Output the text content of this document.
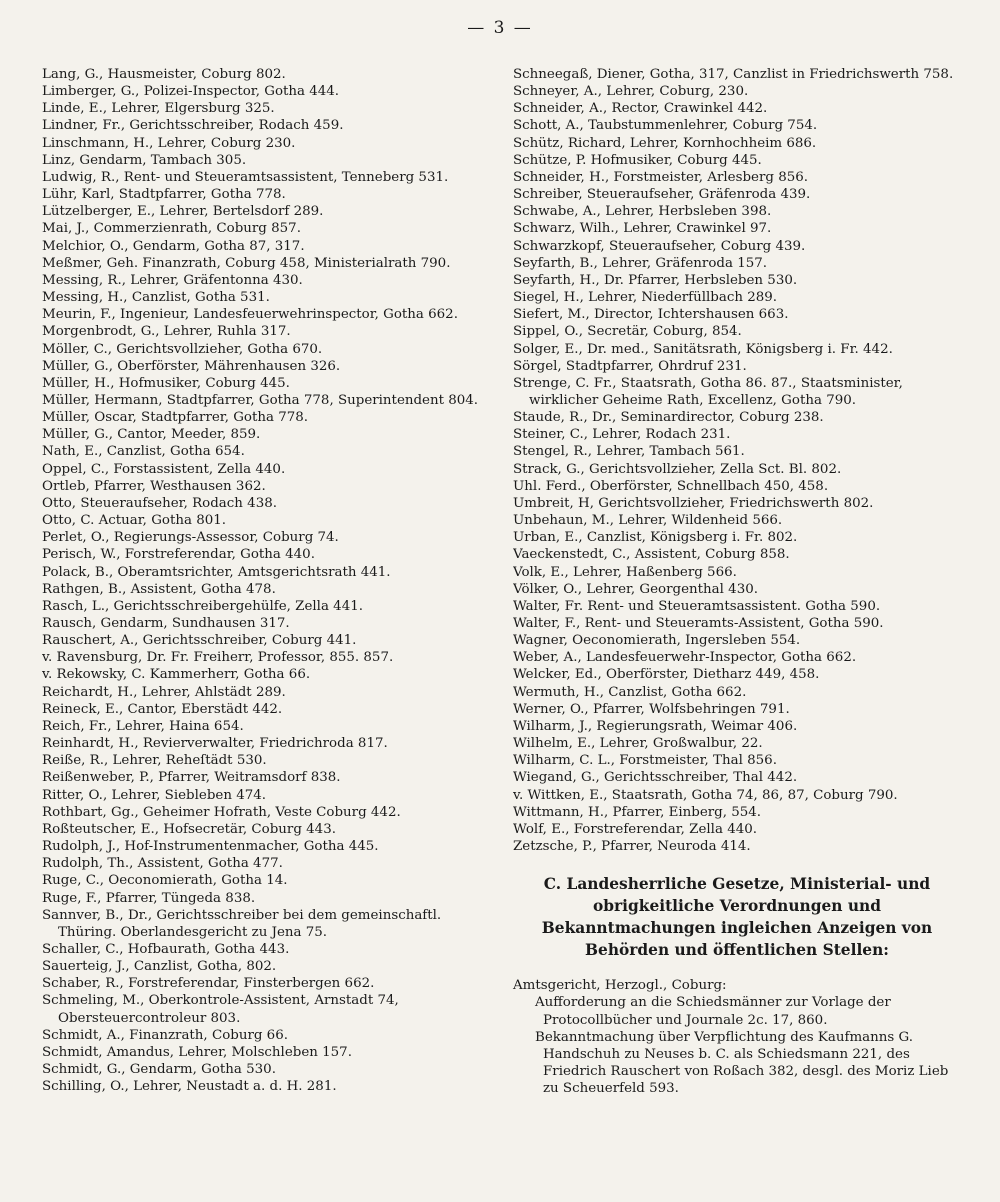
— 3 —
Lang, G., Hausmeister, Coburg 802.
Limberger, G., Polizei-Inspector, Gotha 444.
Linde, E., Lehrer, Elgersburg 325.
Lindner, Fr., Gerichtsschreiber, Rodach 459.
Linschmann, H., Lehrer, Coburg 230.
Linz, Gendarm, Tambach 305.
Ludwig, R., Rent- und Steueramtsassistent, Tenneberg 531.
Lühr, Karl, Stadtpfarrer, Gotha 778.
Lützelberger, E., Lehrer, Bertelsdorf 289.
Mai, J., Commerzienrath, Coburg 857.
Melchior, O., Gendarm, Gotha 87, 317.
Meßmer, Geh. Finanzrath, Coburg 458, Ministerialrath 790.
Messing, R., Lehrer, Gräfentonna 430.
Messing, H., Canzlist, Gotha 531.
Meurin, F., Ingenieur, Landesfeuerwehrinspector, Gotha 662.
Morgenbrodt, G., Lehrer, Ruhla 317.
Möller, C., Gerichtsvollzieher, Gotha 670.
Müller, G., Oberförster, Mährenhausen 326.
Müller, H., Hofmusiker, Coburg 445.
Müller, Hermann, Stadtpfarrer, Gotha 778, Superintendent 804.
Müller, Oscar, Stadtpfarrer, Gotha 778.
Müller, G., Cantor, Meeder, 859.
Nath, E., Canzlist, Gotha 654.
Oppel, C., Forstassistent, Zella 440.
Ortleb, Pfarrer, Westhausen 362.
Otto, Steueraufseher, Rodach 438.
Otto, C. Actuar, Gotha 801.
Perlet, O., Regierungs-Assessor, Coburg 74.
Perisch, W., Forstreferendar, Gotha 440.
Polack, B., Oberamtsrichter, Amtsgerichtsrath 441.
Rathgen, B., Assistent, Gotha 478.
Rasch, L., Gerichtsschreibergehülfe, Zella 441.
Rausch, Gendarm, Sundhausen 317.
Rauschert, A., Gerichtsschreiber, Coburg 441.
v. Ravensburg, Dr. Fr. Freiherr, Professor, 855. 857.
v. Rekowsky, C. Kammerherr, Gotha 66.
Reichardt, H., Lehrer, Ahlstädt 289.
Reineck, E., Cantor, Eberstädt 442.
Reich, Fr., Lehrer, Haina 654.
Reinhardt, H., Revierverwalter, Friedrichroda 817.
Reiße, R., Lehrer, Reheſtädt 530.
Reißenweber, P., Pfarrer, Weitramsdorf 838.
Ritter, O., Lehrer, Siebleben 474.
Rothbart, Gg., Geheimer Hofrath, Veste Coburg 442.
Roßteutscher, E., Hofsecretär, Coburg 443.
Rudolph, J., Hof-Instrumentenmacher, Gotha 445.
Rudolph, Th., Assistent, Gotha 477.
Ruge, C., Oeconomierath, Gotha 14.
Ruge, F., Pfarrer, Tüngeda 838.
Sannver, B., Dr., Gerichtsschreiber bei dem gemeinschaftl. Thüring. Oberlandesgericht zu Jena 75.
Schaller, C., Hofbaurath, Gotha 443.
Sauerteig, J., Canzlist, Gotha, 802.
Schaber, R., Forstreferendar, Finsterbergen 662.
Schmeling, M., Oberkontrole-Assistent, Arnstadt 74, Obersteuercontroleur 803.
Schmidt, A., Finanzrath, Coburg 66.
Schmidt, Amandus, Lehrer, Molschleben 157.
Schmidt, G., Gendarm, Gotha 530.
Schilling, O., Lehrer, Neustadt a. d. H. 281.
Schneegaß, Diener, Gotha, 317, Canzlist in Friedrichswerth 758.
Schneyer, A., Lehrer, Coburg, 230.
Schneider, A., Rector, Crawinkel 442.
Schott, A., Taubstummenlehrer, Coburg 754.
Schütz, Richard, Lehrer, Kornhochheim 686.
Schütze, P. Hofmusiker, Coburg 445.
Schneider, H., Forstmeister, Arlesberg 856.
Schreiber, Steueraufseher, Gräfenroda 439.
Schwabe, A., Lehrer, Herbsleben 398.
Schwarz, Wilh., Lehrer, Crawinkel 97.
Schwarzkopf, Steueraufseher, Coburg 439.
Seyfarth, B., Lehrer, Gräfenroda 157.
Seyfarth, H., Dr. Pfarrer, Herbsleben 530.
Siegel, H., Lehrer, Niederfüllbach 289.
Siefert, M., Director, Ichtershausen 663.
Sippel, O., Secretär, Coburg, 854.
Solger, E., Dr. med., Sanitätsrath, Königsberg i. Fr. 442.
Sörgel, Stadtpfarrer, Ohrdruf 231.
Strenge, C. Fr., Staatsrath, Gotha 86. 87., Staatsminister, wirklicher Geheime Rath, Excellenz, Gotha 790.
Staude, R., Dr., Seminardirector, Coburg 238.
Steiner, C., Lehrer, Rodach 231.
Stengel, R., Lehrer, Tambach 561.
Strack, G., Gerichtsvollzieher, Zella Sct. Bl. 802.
Uhl. Ferd., Oberförster, Schnellbach 450, 458.
Umbreit, H, Gerichtsvollzieher, Friedrichswerth 802.
Unbehaun, M., Lehrer, Wildenheid 566.
Urban, E., Canzlist, Königsberg i. Fr. 802.
Vaeckenstedt, C., Assistent, Coburg 858.
Volk, E., Lehrer, Haßenberg 566.
Völker, O., Lehrer, Georgenthal 430.
Walter, Fr. Rent- und Steueramtsassistent. Gotha 590.
Walter, F., Rent- und Steueramts-Assistent, Gotha 590.
Wagner, Oeconomierath, Ingersleben 554.
Weber, A., Landesfeuerwehr-Inspector, Gotha 662.
Welcker, Ed., Oberförster, Dietharz 449, 458.
Wermuth, H., Canzlist, Gotha 662.
Werner, O., Pfarrer, Wolfsbehringen 791.
Wilharm, J., Regierungsrath, Weimar 406.
Wilhelm, E., Lehrer, Großwalbur, 22.
Wilharm, C. L., Forstmeister, Thal 856.
Wiegand, G., Gerichtsschreiber, Thal 442.
v. Wittken, E., Staatsrath, Gotha 74, 86, 87, Coburg 790.
Wittmann, H., Pfarrer, Einberg, 554.
Wolf, E., Forstreferendar, Zella 440.
Zetzsche, P., Pfarrer, Neuroda 414.
C. Landesherrliche Gesetze, Ministerial- und obrigkeitliche Verordnungen und Bekanntmachungen ingleichen Anzeigen von Behörden und öffentlichen Stellen:
Amtsgericht, Herzogl., Coburg:
Aufforderung an die Schiedsmänner zur Vorlage der Protocollbücher und Journale 2c. 17, 860.
Bekanntmachung über Verpflichtung des Kaufmanns G. Handschuh zu Neuses b. C. als Schiedsmann 221, des Friedrich Rauschert von Roßach 382, desgl. des Moriz Lieb zu Scheuerfeld 593.
